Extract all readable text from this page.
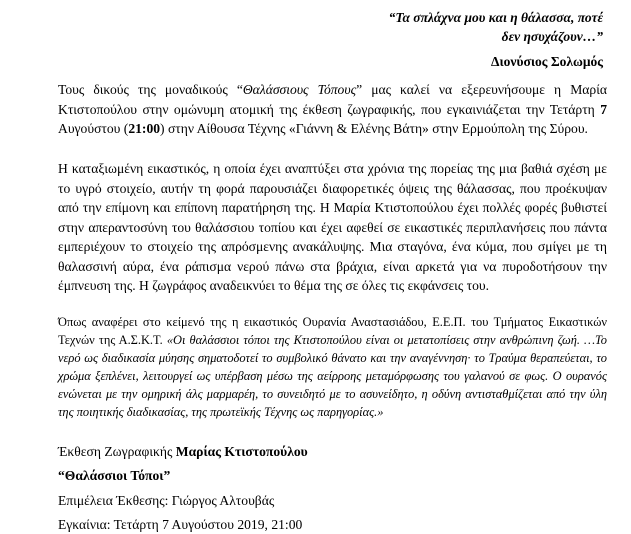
“Τα σπλάχνα μου και η θάλασσα, ποτέ
δεν ησυχάζουν…”
Διονύσιος Σολωμός
Τους δικούς της μοναδικούς “Θαλάσσιους Τόπους” μας καλεί να εξερευνήσουμε η Μαρία Κτιστοπούλου στην ομώνυμη ατομική της έκθεση ζωγραφικής, που εγκαινιάζεται την Τετάρτη 7 Αυγούστου (21:00) στην Αίθουσα Τέχνης «Γιάννη & Ελένης Βάτη» στην Ερμούπολη της Σύρου.
Η καταξιωμένη εικαστικός, η οποία έχει αναπτύξει στα χρόνια της πορείας της μια βαθιά σχέση με το υγρό στοιχείο, αυτήν τη φορά παρουσιάζει διαφορετικές όψεις της θάλασσας, που προέκυψαν από την επίμονη και επίπονη παρατήρηση της. Η Μαρία Κτιστοπούλου έχει πολλές φορές βυθιστεί στην απεραντοσύνη του θαλάσσιου τοπίου και έχει αφεθεί σε εικαστικές περιπλανήσεις που πάντα εμπεριέχουν το στοιχείο της απρόσμενης ανακάλυψης. Μια σταγόνα, ένα κύμα, που σμίγει με τη θαλασσινή αύρα, ένα ράπισμα νερού πάνω στα βράχια, είναι αρκετά για να πυροδοτήσουν την έμπνευση της. Η ζωγράφος αναδεικνύει το θέμα της σε όλες τις εκφάνσεις του.
Όπως αναφέρει στο κείμενό της η εικαστικός Ουρανία Αναστασιάδου, Ε.Ε.Π. του Τμήματος Εικαστικών Τεχνών της Α.Σ.Κ.Τ. «Οι θαλάσσιοι τόποι της Κτιστοπούλου είναι οι μετατοπίσεις στην ανθρώπινη ζωή. …Το νερό ως διαδικασία μύησης σηματοδοτεί το συμβολικό θάνατο και την αναγέννηση· το Τραύμα θεραπεύεται, το χρώμα ξεπλένει, λειτουργεί ως υπέρβαση μέσω της αείρροης μεταμόρφωσης του γαλανού σε φως. Ο ουρανός ενώνεται με την ομηρική άλς μαρμαρέη, το συνειδητό με το ασυνείδητο, η οδύνη αντισταθμίζεται από την ύλη της ποιητικής διαδικασίας, της πρωτεϊκής Τέχνης ως παρηγορίας.»
Έκθεση Ζωγραφικής Μαρίας Κτιστοπούλου
“Θαλάσσιοι Τόποι”
Επιμέλεια Έκθεσης: Γιώργος Αλτουβάς
Εγκαίνια: Τετάρτη 7 Αυγούστου 2019, 21:00
